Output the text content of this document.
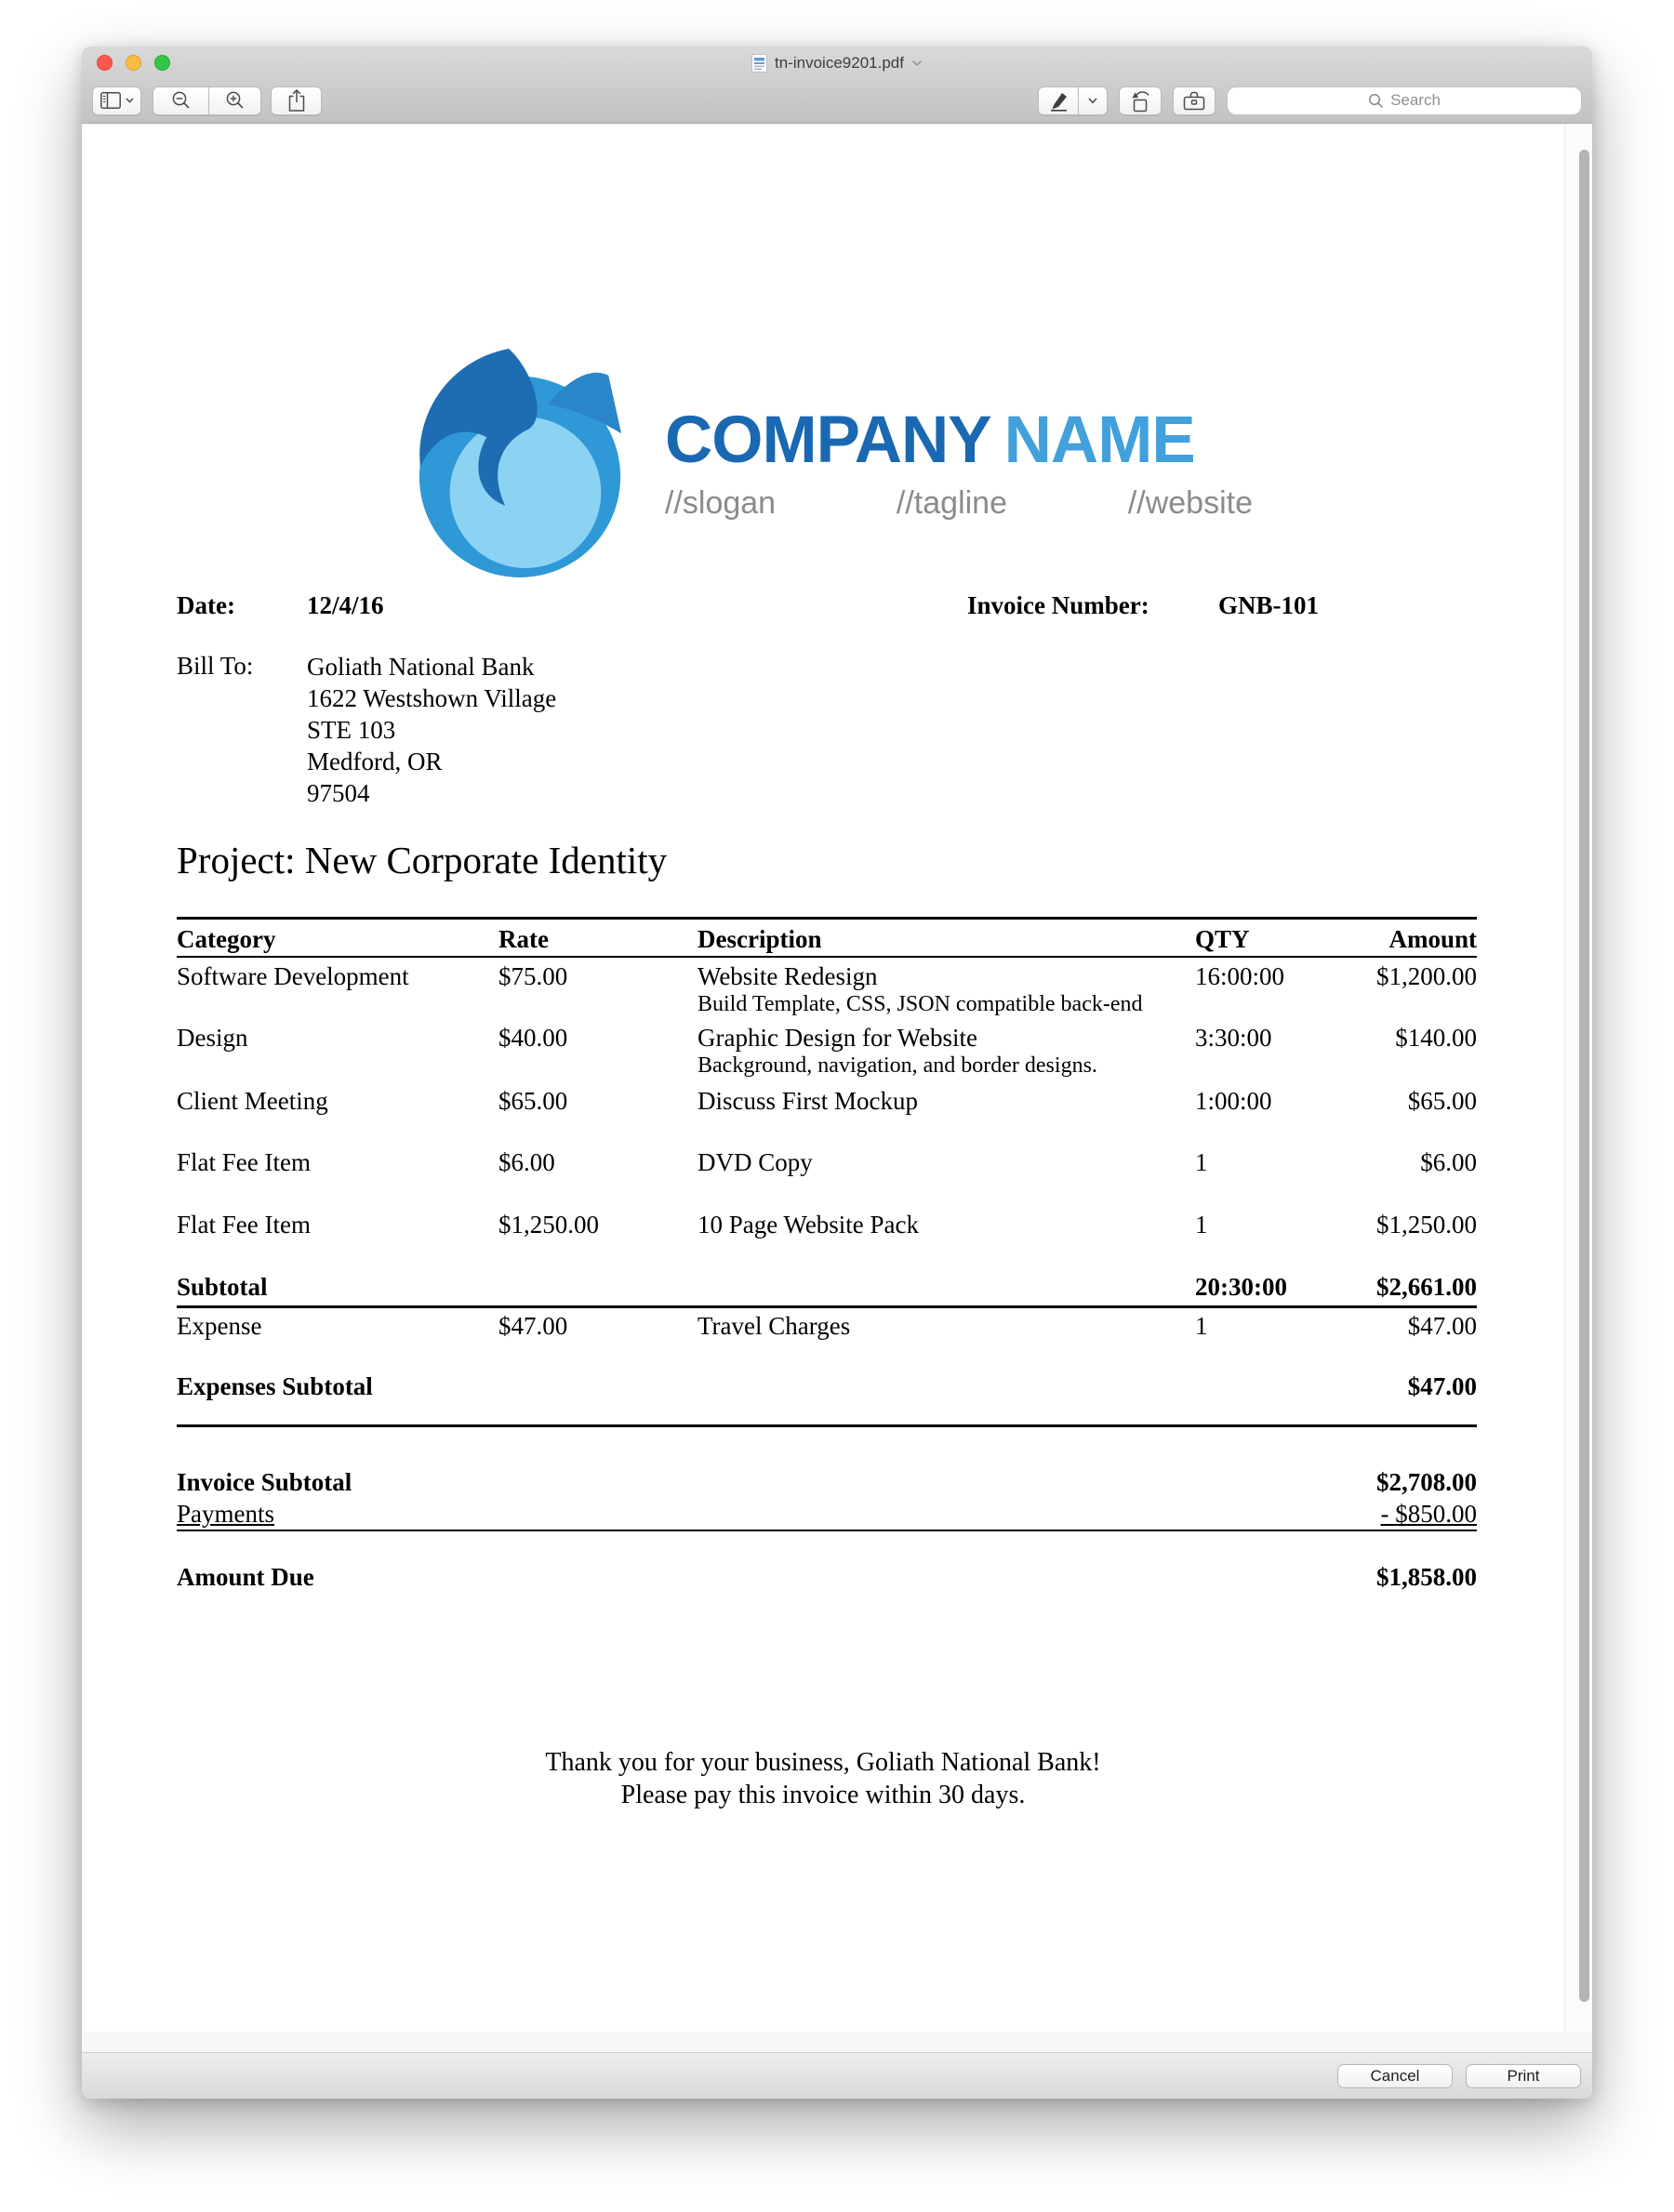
tn-invoice9201.pdf
Search
COMPANY NAME
//slogan	//tagline	//website
Date:	12/4/16	Invoice Number:	GNB-101
Bill To: Goliath National Bank
1622 Westshown Village
STE 103
Medford, OR
97504
Project: New Corporate Identity
Category	Rate	Description	QTY	Amount
Software Development	$75.00	Website Redesign	16:00:00	$1,200.00
Build Template, CSS, JSON compatible back-end
Design	$40.00	Graphic Design for Website	3:30:00	$140.00
Background, navigation, and border designs.
Client Meeting	$65.00	Discuss First Mockup	1:00:00	$65.00
Flat Fee Item	$6.00	DVD Copy	1	$6.00
Flat Fee Item	$1,250.00	10 Page Website Pack	1	$1,250.00
Subtotal	20:30:00	$2,661.00
Expense	$47.00	Travel Charges	1	$47.00
Expenses Subtotal	$47.00
Invoice Subtotal	$2,708.00
Payments	- $850.00
Amount Due	$1,858.00
Thank you for your business, Goliath National Bank!
Please pay this invoice within 30 days.
Cancel	Print
